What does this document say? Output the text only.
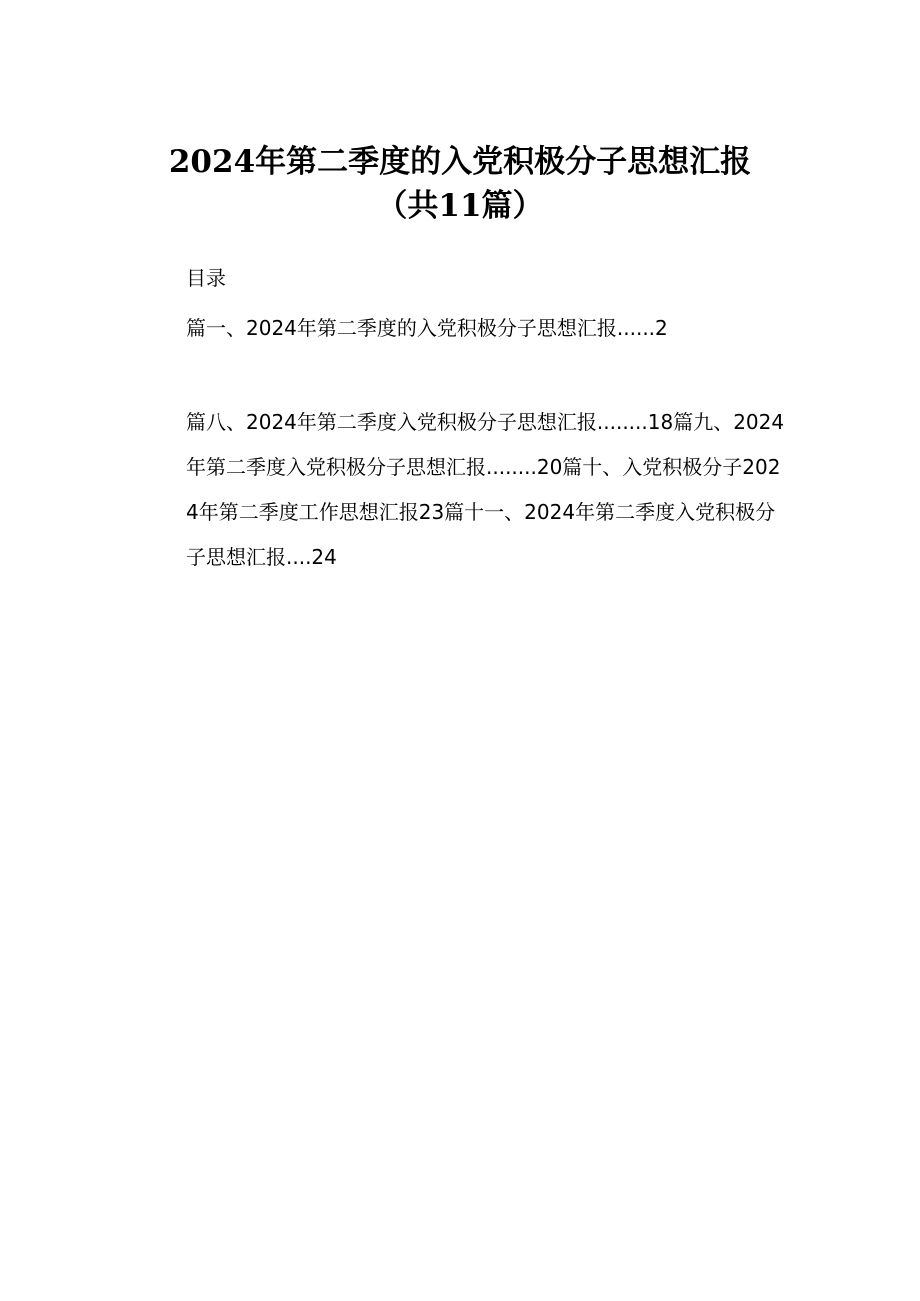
2024年第二季度的入党积极分子思想汇报
（共11篇）
目录
篇一、2024年第二季度的入党积极分子思想汇报......2
篇八、2024年第二季度入党积极分子思想汇报........18篇九、2024年第二季度入党积极分子思想汇报........20篇十、入党积极分子2024年第二季度工作思想汇报23篇十一、2024年第二季度入党积极分子思想汇报....24
